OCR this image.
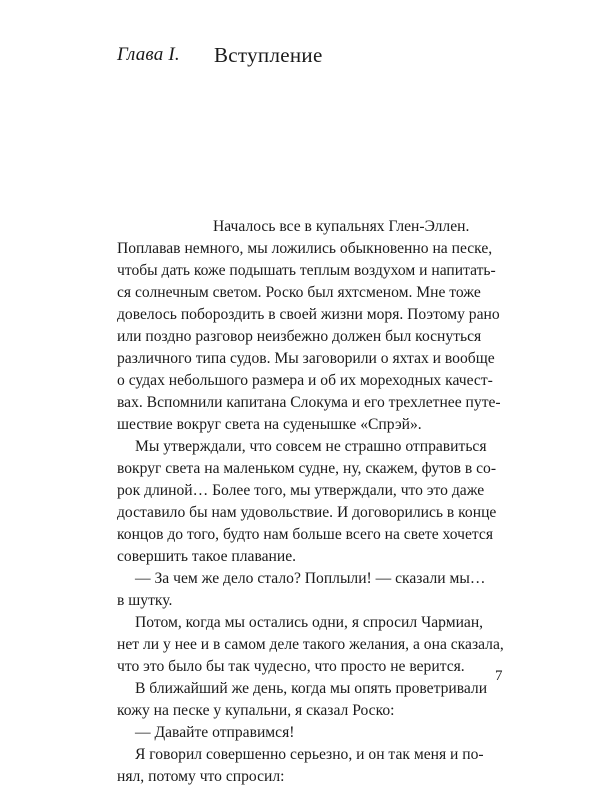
Глава I. Вступление
Началось все в купальнях Глен-Эллен.
Поплавав немного, мы ложились обыкновенно на песке,
чтобы дать коже подышать теплым воздухом и напитать-
ся солнечным светом. Роско был яхтсменом. Мне тоже
довелось побороздить в своей жизни моря. Поэтому рано
или поздно разговор неизбежно должен был коснуться
различного типа судов. Мы заговорили о яхтах и вообще
о судах небольшого размера и об их мореходных качест-
вах. Вспомнили капитана Слокума и его трехлетнее путе-
шествие вокруг света на суденышке «Спрэй».
Мы утверждали, что совсем не страшно отправиться
вокруг света на маленьком судне, ну, скажем, футов в со-
рок длиной… Более того, мы утверждали, что это даже
доставило бы нам удовольствие. И договорились в конце
концов до того, будто нам больше всего на свете хочется
совершить такое плавание.
— За чем же дело стало? Поплыли! — сказали мы…
в шутку.
Потом, когда мы остались одни, я спросил Чармиан,
нет ли у нее и в самом деле такого желания, а она сказала,
что это было бы так чудесно, что просто не верится.
В ближайший же день, когда мы опять проветривали
кожу на песке у купальни, я сказал Роско:
— Давайте отправимся!
Я говорил совершенно серьезно, и он так меня и по-
нял, потому что спросил:
7
